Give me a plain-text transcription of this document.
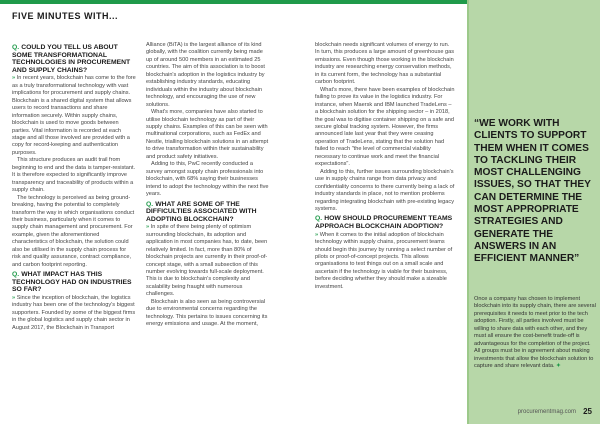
FIVE MINUTES WITH...

Q. COULD YOU TELL US ABOUT SOME TRANSFORMATIONAL TECHNOLOGIES IN PROCUREMENT AND SUPPLY CHAINS?

» In recent years, blockchain has come to the fore as a truly transformational technology with vast implications for procurement and supply chains. Blockchain is a shared digital system that allows users to record transactions and share information securely. Within supply chains, blockchain is used to move goods between parties. Vital information is recorded at each stage and all those involved are provided with a copy for record-keeping and authentication purposes.

This structure produces an audit trail from beginning to end and the data is tamper-resistant. It is therefore expected to significantly improve transparency and traceability of products within a supply chain.

The technology is perceived as being ground-breaking, having the potential to completely transform the way in which organisations conduct their business, particularly when it comes to supply chain management and procurement. For example, given the aforementioned characteristics of blockchain, the solution could also be utilised in the supply chain process for risk and quality assurance, contract compliance, and carbon footprint reporting.

Q. WHAT IMPACT HAS THIS TECHNOLOGY HAD ON INDUSTRIES SO FAR?

» Since the inception of blockchain, the logistics industry has been one of the technology's biggest supporters. Founded by some of the biggest firms in the global logistics and supply chain sector in August 2017, the Blockchain in Transport

Alliance (BiTA) is the largest alliance of its kind globally, with the coalition currently being made up of around 500 members in an estimated 25 countries. The aim of this association is to boost blockchain's adoption in the logistics industry by establishing industry standards, educating individuals within the industry about blockchain technology, and encouraging the use of new solutions.

What's more, companies have also started to utilise blockchain technology as part of their supply chains. Examples of this can be seen with multinational corporations, such as FedEx and Nestle, trialling blockchain solutions in an attempt to drive transformation within their sustainability and product safety initiatives.

Adding to this, PwC recently conducted a survey amongst supply chain professionals into blockchain, with 68% saying their businesses intend to adopt the technology within the next five years.

Q. WHAT ARE SOME OF THE DIFFICULTIES ASSOCIATED WITH ADOPTING BLOCKCHAIN?

» In spite of there being plenty of optimism surrounding blockchain, its adoption and application in most companies has, to date, been relatively limited. In fact, more than 80% of blockchain projects are currently in their proof-of-concept stage, with a small subsection of this number evolving towards full-scale deployment. This is due to blockchain's complexity and scalability being fraught with numerous challenges.

Blockchain is also seen as being controversial due to environmental concerns regarding the technology. This pertains to issues concerning its energy emissions and usage. At the moment,

blockchain needs significant volumes of energy to run. In turn, this produces a large amount of greenhouse gas emissions. Even though those working in the blockchain industry are researching energy conservation methods, in its current form, the technology has a substantial carbon footprint.

What's more, there have been examples of blockchain failing to prove its value in the logistics industry. For instance, when Maersk and IBM launched TradeLens – a blockchain solution for the shipping sector – in 2018, the goal was to digitise container shipping on a safe and secure global tracking system. However, the firms announced late last year that they were ceasing operation of TradeLens, stating that the solution had failed to reach "the level of commercial viability necessary to continue work and meet the financial expectations".

Adding to this, further issues surrounding blockchain's use in supply chains range from data privacy and confidentiality concerns to there currently being a lack of industry standards in place, not to mention problems regarding integrating blockchain with pre-existing legacy systems.

Q. HOW SHOULD PROCUREMENT TEAMS APPROACH BLOCKCHAIN ADOPTION?

» When it comes to the initial adoption of blockchain technology within supply chains, procurement teams should begin this journey by running a select number of pilots or proof-of-concept projects. This allows organisations to test things out on a small scale and ascertain if the technology is viable for their business, before deciding whether they should make a sizeable investment.

“WE WORK WITH CLIENTS TO SUPPORT THEM WHEN IT COMES TO TACKLING THEIR MOST CHALLENGING ISSUES, SO THAT THEY CAN DETERMINE THE MOST APPROPRIATE STRATEGIES AND GENERATE THE ANSWERS IN AN EFFICIENT MANNER”
Once a company has chosen to implement blockchain into its supply chain, there are several prerequisites it needs to meet prior to the tech adoption. Firstly, all parties involved must be willing to share data with each other, and they must all ensure the cost-benefit trade-off is advantageous for the completion of the project. All groups must be in agreement about making investments that allow the blockchain solution to capture and share relevant data. ✦
procurementmag.com 25
